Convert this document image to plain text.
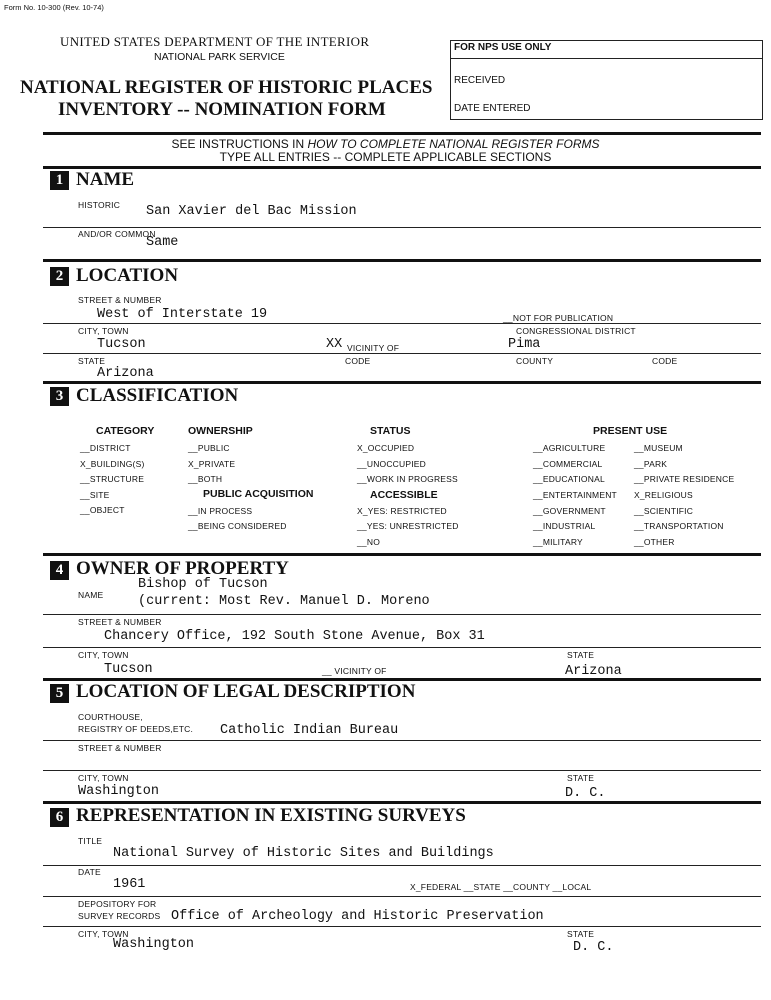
Form No. 10-300 (Rev. 10-74)
UNITED STATES DEPARTMENT OF THE INTERIOR
NATIONAL PARK SERVICE
NATIONAL REGISTER OF HISTORIC PLACES
INVENTORY -- NOMINATION FORM
FOR NPS USE ONLY
RECEIVED
DATE ENTERED
SEE INSTRUCTIONS IN HOW TO COMPLETE NATIONAL REGISTER FORMS
TYPE ALL ENTRIES -- COMPLETE APPLICABLE SECTIONS
1 NAME
HISTORIC San Xavier del Bac Mission
AND/OR COMMON
Same
2 LOCATION
STREET & NUMBER
West of Interstate 19	__NOT FOR PUBLICATION
CITY, TOWN	CONGRESSIONAL DISTRICT
Tucson	XX VICINITY OF	Pima
STATE	CODE	COUNTY	CODE
Arizona
3 CLASSIFICATION
CATEGORY	OWNERSHIP	STATUS	PRESENT USE
__DISTRICT
X_BUILDING(S)
__STRUCTURE
__SITE
__OBJECT
__PUBLIC
X_PRIVATE
__BOTH
PUBLIC ACQUISITION
__IN PROCESS
__BEING CONSIDERED
X_OCCUPIED
__UNOCCUPIED
__WORK IN PROGRESS
ACCESSIBLE
X_YES: RESTRICTED
__YES: UNRESTRICTED
__NO
__AGRICULTURE
__COMMERCIAL
__EDUCATIONAL
__ENTERTAINMENT
__GOVERNMENT
__INDUSTRIAL
__MILITARY
__MUSEUM
__PARK
__PRIVATE RESIDENCE
X_RELIGIOUS
__SCIENTIFIC
__TRANSPORTATION
__OTHER
4 OWNER OF PROPERTY
Bishop of Tucson
NAME	(current: Most Rev. Manuel D. Moreno
STREET & NUMBER
Chancery Office, 192 South Stone Avenue, Box 31
CITY, TOWN	STATE
Tucson	__ VICINITY OF	Arizona
5 LOCATION OF LEGAL DESCRIPTION
COURTHOUSE,
REGISTRY OF DEEDS,ETC. Catholic Indian Bureau
STREET & NUMBER
CITY, TOWN	STATE
Washington	D. C.
6 REPRESENTATION IN EXISTING SURVEYS
TITLE
National Survey of Historic Sites and Buildings
DATE
1961	X_FEDERAL __STATE __COUNTY __LOCAL
DEPOSITORY FOR
SURVEY RECORDS Office of Archeology and Historic Preservation
CITY, TOWN	STATE
Washington	D. C.
